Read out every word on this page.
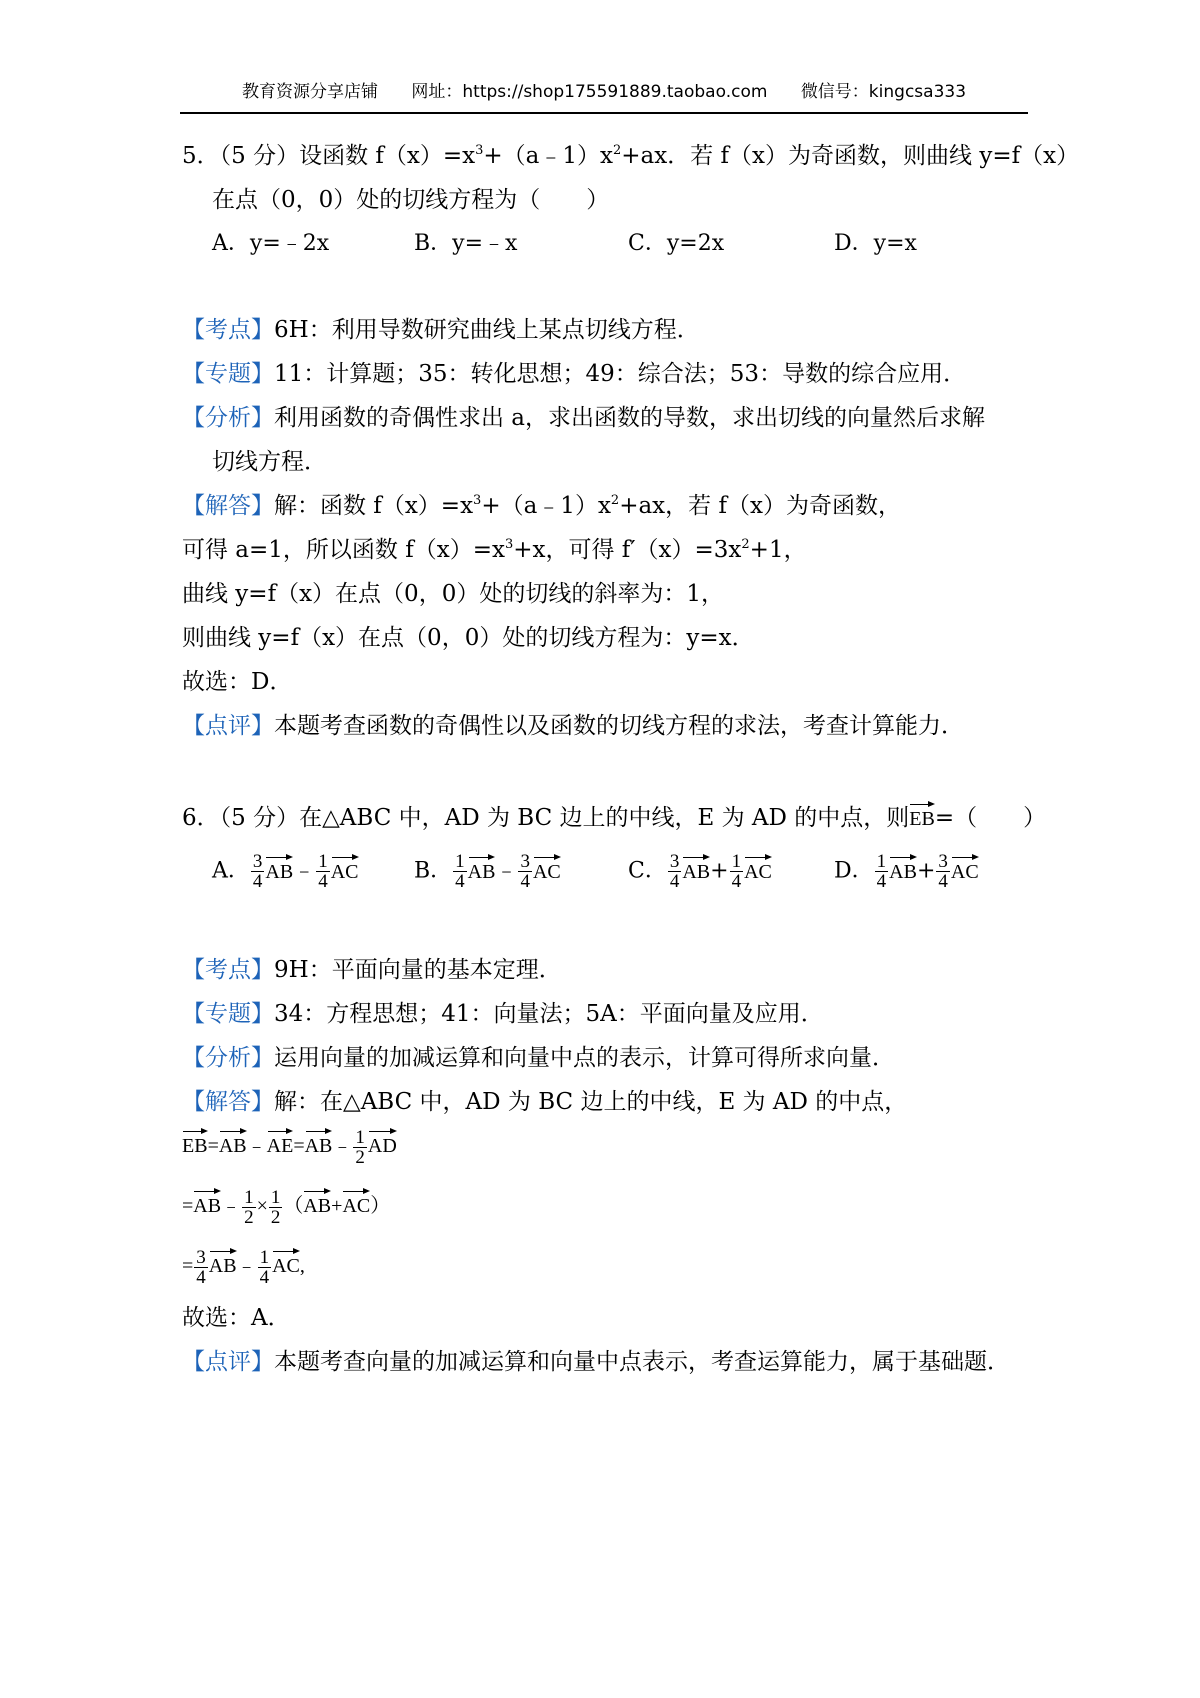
教育资源分享店铺 网址：https://shop175591889.taobao.com 微信号：kingcsa333
5．（5 分）设函数 $f(x)=x^3+(a﹣1)x^2+ax$．若 f（x）为奇函数，则曲线 y=f（x）
在点（0，0）处的切线方程为（　　）
A．y=﹣2x	B．y=﹣x	C．y=2x	D．y=x
【考点】6H：利用导数研究曲线上某点切线方程．
【专题】11：计算题；35：转化思想；49：综合法；53：导数的综合应用．
【分析】利用函数的奇偶性求出 a，求出函数的导数，求出切线的向量然后求解
切线方程．
【解答】解：函数 $f(x)=x^3+(a﹣1)x^2+ax$，若 f（x）为奇函数，
可得 a=1，所以函数 $f(x)=x^3+x$，可得 $f'(x)=3x^2+1$，
曲线 y=f（x）在点（0，0）处的切线的斜率为：1，
则曲线 y=f（x）在点（0，0）处的切线方程为：y=x．
故选：D．
【点评】本题考查函数的奇偶性以及函数的切线方程的求法，考查计算能力．
6．（5 分）在△ABC 中，AD 为 BC 边上的中线，E 为 AD 的中点，则EB=（　　）
A． $\frac{3}{4}$ AB﹣ $\frac{1}{4}$ AC	B． $\frac{1}{4}$ AB﹣ $\frac{3}{4}$ AC	C． $\frac{3}{4} AB+ \frac{1}{4}$ AC	D． $\frac{1}{4} AB+ \frac{3}{4}$ AC
【考点】9H：平面向量的基本定理．
【专题】34：方程思想；41：向量法；5A：平面向量及应用．
【分析】运用向量的加减运算和向量中点的表示，计算可得所求向量．
【解答】解：在△ABC 中，AD 为 BC 边上的中线，E 为 AD 的中点，
EB=AB﹣AE=AB﹣ $\frac{1}{2}$ AD
=AB﹣ $\frac{1}{2} \times \frac{1}{2} (AB+AC)$
= $\frac{3}{4}$ AB﹣ $\frac{1}{4}$ AC,
故选：A．
【点评】本题考查向量的加减运算和向量中点表示，考查运算能力，属于基础题．
